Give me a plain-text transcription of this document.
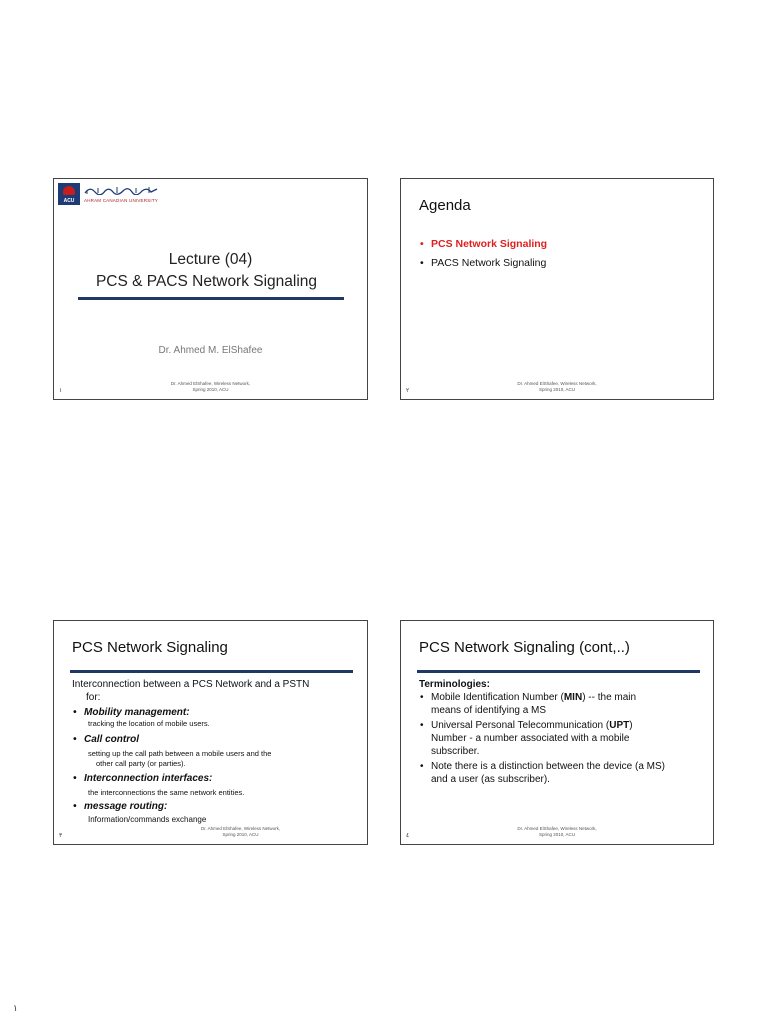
ACU	AHRAM CANADIAN UNIVERSITY
Lecture (04)
PCS & PACS Network Signaling
Dr. Ahmed M. ElShafee
Dr. Ahmed ElShafee, Wireless Network,
Spring 2010, ACU
١
Agenda
• PCS Network Signaling
• PACS Network Signaling
Dr. Ahmed ElShafee, Wireless Network,
Spring 2010, ACU
٢
PCS Network Signaling
Interconnection between a PCS Network and a PSTN
for:
• Mobility management:
tracking the location of mobile users.
• Call control
setting up the call path between a mobile users and the
other call party (or parties).
• Interconnection interfaces:
the interconnections the same network entities.
• message routing:
Information/commands exchange
Dr. Ahmed ElShafee, Wireless Network,
Spring 2010, ACU
٣
PCS Network Signaling (cont,..)
Terminologies:
• Mobile Identification Number (MIN) -- the main
means of identifying a MS
• Universal Personal Telecommunication (UPT)
Number - a number associated with a mobile
subscriber.
• Note there is a distinction between the device (a MS)
and a user (as subscriber).
Dr. Ahmed ElShafee, Wireless Network,
Spring 2010, ACU
٤
١
